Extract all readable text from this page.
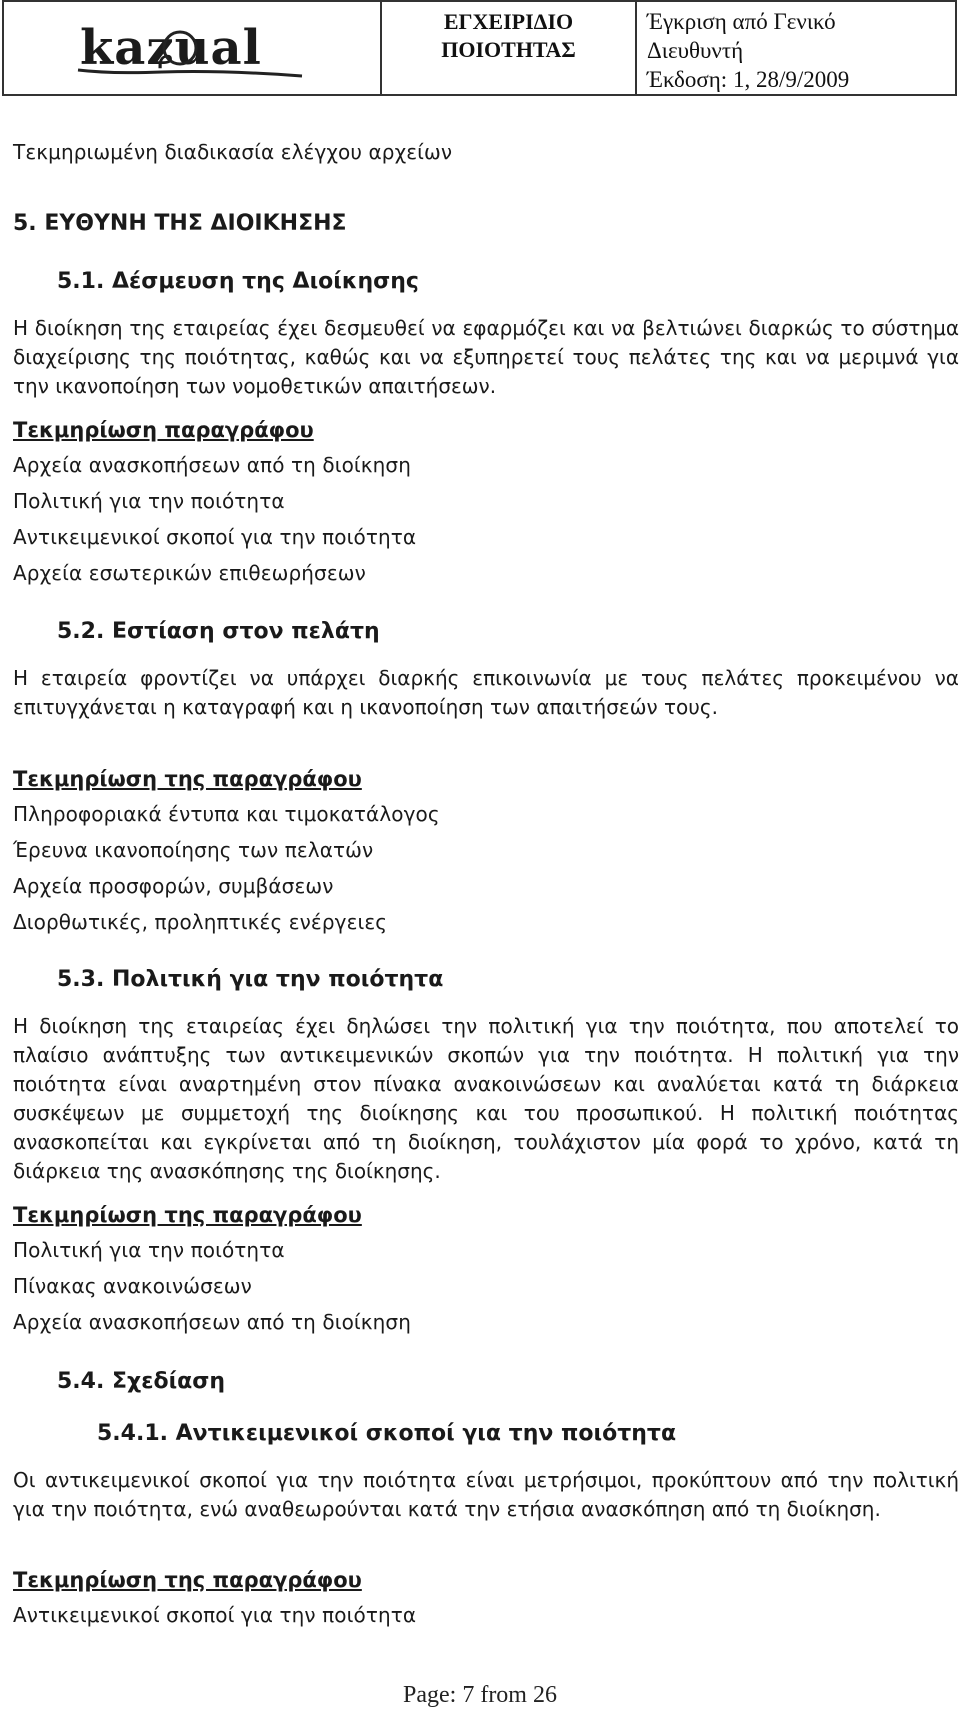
kaʑual	ΕΓΧΕΙΡΙΔΙΟ
ΠΟΙΟΤΗΤΑΣ
Έγκριση από Γενικό
Διευθυντή
Έκδοση: 1, 28/9/2009
Τεκμηριωμένη διαδικασία ελέγχου αρχείων
5. ΕΥΘΥΝΗ ΤΗΣ ΔΙΟΙΚΗΣΗΣ
5.1. Δέσμευση της Διοίκησης
Η διοίκηση της εταιρείας έχει δεσμευθεί να εφαρμόζει και να βελτιώνει διαρκώς το σύστημα διαχείρισης της ποιότητας, καθώς και να εξυπηρετεί τους πελάτες της και να μεριμνά για την ικανοποίηση των νομοθετικών απαιτήσεων.
Τεκμηρίωση παραγράφου
Αρχεία ανασκοπήσεων από τη διοίκηση
Πολιτική για την ποιότητα
Αντικειμενικοί σκοποί για την ποιότητα
Αρχεία εσωτερικών επιθεωρήσεων
5.2. Εστίαση στον πελάτη
Η εταιρεία φροντίζει να υπάρχει διαρκής επικοινωνία με τους πελάτες προκειμένου να επιτυγχάνεται η καταγραφή και η ικανοποίηση των απαιτήσεών τους.
Τεκμηρίωση της παραγράφου
Πληροφοριακά έντυπα και τιμοκατάλογος
Έρευνα ικανοποίησης των πελατών
Αρχεία προσφορών, συμβάσεων
Διορθωτικές, προληπτικές ενέργειες
5.3. Πολιτική για την ποιότητα
Η διοίκηση της εταιρείας έχει δηλώσει την πολιτική για την ποιότητα, που αποτελεί το πλαίσιο ανάπτυξης των αντικειμενικών σκοπών για την ποιότητα. Η πολιτική για την ποιότητα είναι αναρτημένη στον πίνακα ανακοινώσεων και αναλύεται κατά τη διάρκεια συσκέψεων με συμμετοχή της διοίκησης και του προσωπικού. Η πολιτική ποιότητας ανασκοπείται και εγκρίνεται από τη διοίκηση, τουλάχιστον μία φορά το χρόνο, κατά τη διάρκεια της ανασκόπησης της διοίκησης.
Τεκμηρίωση της παραγράφου
Πολιτική για την ποιότητα
Πίνακας ανακοινώσεων
Αρχεία ανασκοπήσεων από τη διοίκηση
5.4. Σχεδίαση
5.4.1. Αντικειμενικοί σκοποί για την ποιότητα
Οι αντικειμενικοί σκοποί για την ποιότητα είναι μετρήσιμοι, προκύπτουν από την πολιτική για την ποιότητα, ενώ αναθεωρούνται κατά την ετήσια ανασκόπηση από τη διοίκηση.
Τεκμηρίωση της παραγράφου
Αντικειμενικοί σκοποί για την ποιότητα
Page: 7 from 26
